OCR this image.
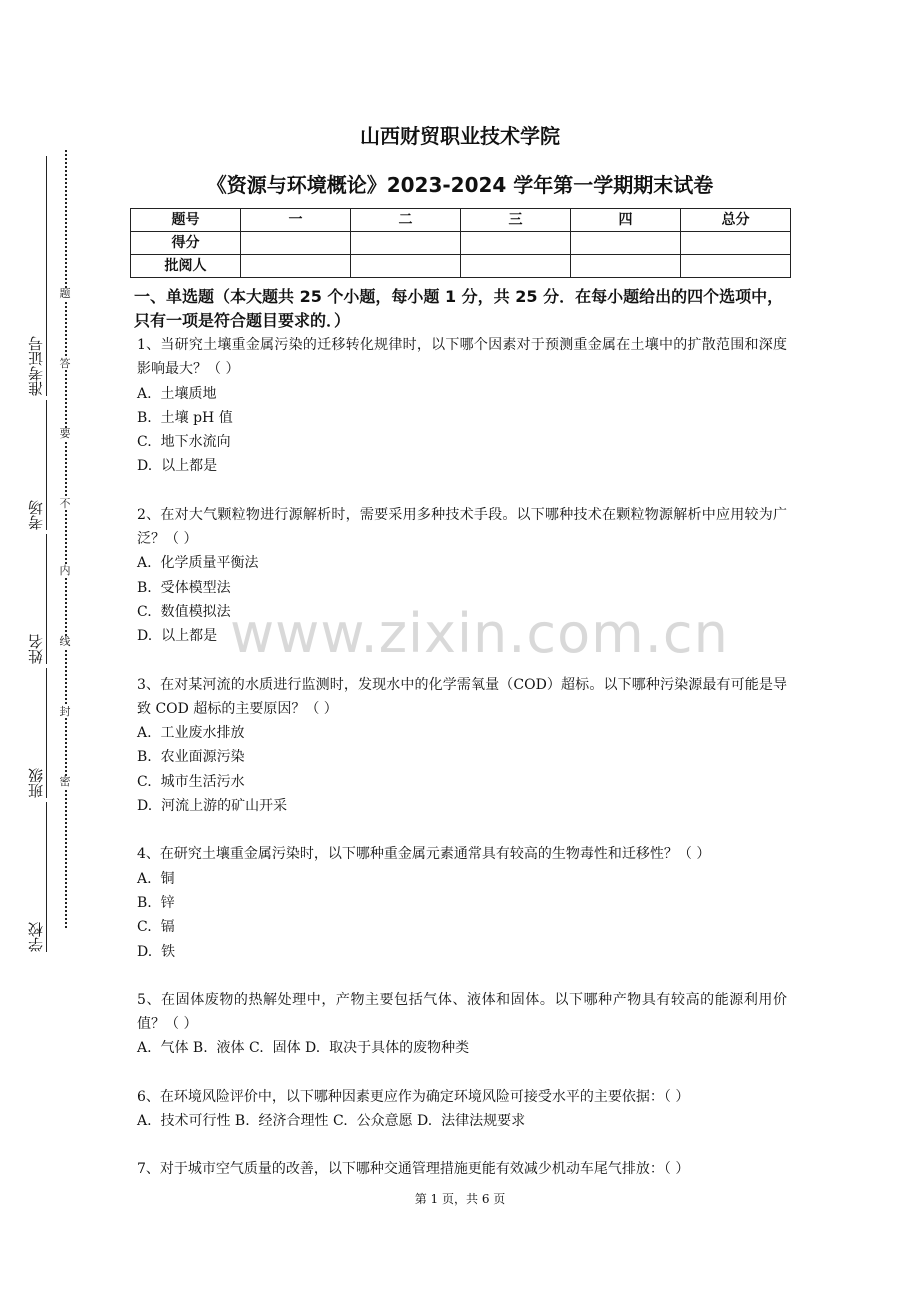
题
答
要
不
内
线
封
密
准考证号
考场
姓名
班级
学校
山西财贸职业技术学院
《资源与环境概论》2023-2024 学年第一学期期末试卷
题号	一	二	三	四	总分
得分					
批阅人					
一、单选题（本大题共 25 个小题，每小题 1 分，共 25 分．在每小题给出的四个选项中，只有一项是符合题目要求的．）
1、当研究土壤重金属污染的迁移转化规律时，以下哪个因素对于预测重金属在土壤中的扩散范围和深度影响最大？（ ）
A.  土壤质地
B.  土壤 pH 值
C.  地下水流向
D.  以上都是
2、在对大气颗粒物进行源解析时，需要采用多种技术手段。以下哪种技术在颗粒物源解析中应用较为广泛？（ ）
A.  化学质量平衡法
B.  受体模型法
C.  数值模拟法
D.  以上都是
3、在对某河流的水质进行监测时，发现水中的化学需氧量（COD）超标。以下哪种污染源最有可能是导致 COD 超标的主要原因？（ ）
A.  工业废水排放
B.  农业面源污染
C.  城市生活污水
D.  河流上游的矿山开采
4、在研究土壤重金属污染时，以下哪种重金属元素通常具有较高的生物毒性和迁移性？（ ）
A.  铜
B.  锌
C.  镉
D.  铁
5、在固体废物的热解处理中，产物主要包括气体、液体和固体。以下哪种产物具有较高的能源利用价值？（ ）
A.  气体 B.  液体 C.  固体 D.  取决于具体的废物种类
6、在环境风险评价中，以下哪种因素更应作为确定环境风险可接受水平的主要依据：（ ）
A.  技术可行性 B.  经济合理性 C.  公众意愿 D.  法律法规要求
7、对于城市空气质量的改善，以下哪种交通管理措施更能有效减少机动车尾气排放：（ ）
www.zixin.com.cn
第 1 页，共 6 页
